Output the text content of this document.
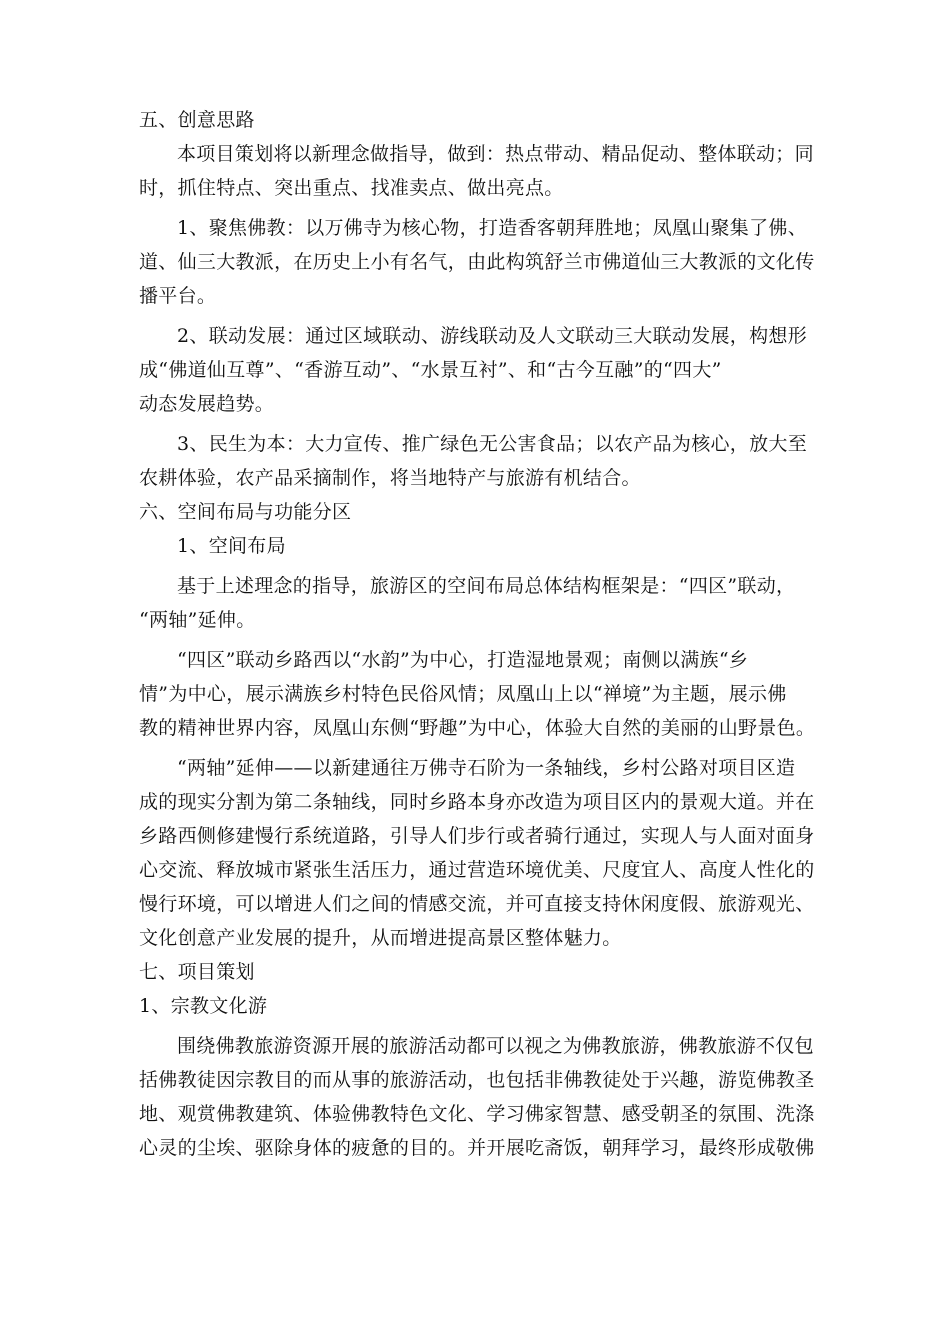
五、创意思路

本项目策划将以新理念做指导，做到：热点带动、精品促动、整体联动；同

时，抓住特点、突出重点、找准卖点、做出亮点。

1、聚焦佛教：以万佛寺为核心物，打造香客朝拜胜地；凤凰山聚集了佛、

道、仙三大教派，在历史上小有名气，由此构筑舒兰市佛道仙三大教派的文化传

播平台。

2、联动发展：通过区域联动、游线联动及人文联动三大联动发展，构想形

成“佛道仙互尊”、“香游互动”、“水景互衬”、和“古今互融”的“四大”

动态发展趋势。

3、民生为本：大力宣传、推广绿色无公害食品；以农产品为核心，放大至

农耕体验，农产品采摘制作，将当地特产与旅游有机结合。

六、空间布局与功能分区

1、空间布局

基于上述理念的指导，旅游区的空间布局总体结构框架是：“四区”联动，

“两轴”延伸。

“四区”联动乡路西以“水韵”为中心，打造湿地景观；南侧以满族“乡

情”为中心，展示满族乡村特色民俗风情；凤凰山上以“禅境”为主题，展示佛

教的精神世界内容，凤凰山东侧“野趣”为中心，体验大自然的美丽的山野景色。

“两轴”延伸——以新建通往万佛寺石阶为一条轴线，乡村公路对项目区造

成的现实分割为第二条轴线，同时乡路本身亦改造为项目区内的景观大道。并在

乡路西侧修建慢行系统道路，引导人们步行或者骑行通过，实现人与人面对面身

心交流、释放城市紧张生活压力，通过营造环境优美、尺度宜人、高度人性化的

慢行环境，可以增进人们之间的情感交流，并可直接支持休闲度假、旅游观光、

文化创意产业发展的提升，从而增进提高景区整体魅力。

七、项目策划

1、宗教文化游

围绕佛教旅游资源开展的旅游活动都可以视之为佛教旅游，佛教旅游不仅包

括佛教徒因宗教目的而从事的旅游活动，也包括非佛教徒处于兴趣，游览佛教圣

地、观赏佛教建筑、体验佛教特色文化、学习佛家智慧、感受朝圣的氛围、洗涤

心灵的尘埃、驱除身体的疲惫的目的。并开展吃斋饭，朝拜学习，最终形成敬佛
